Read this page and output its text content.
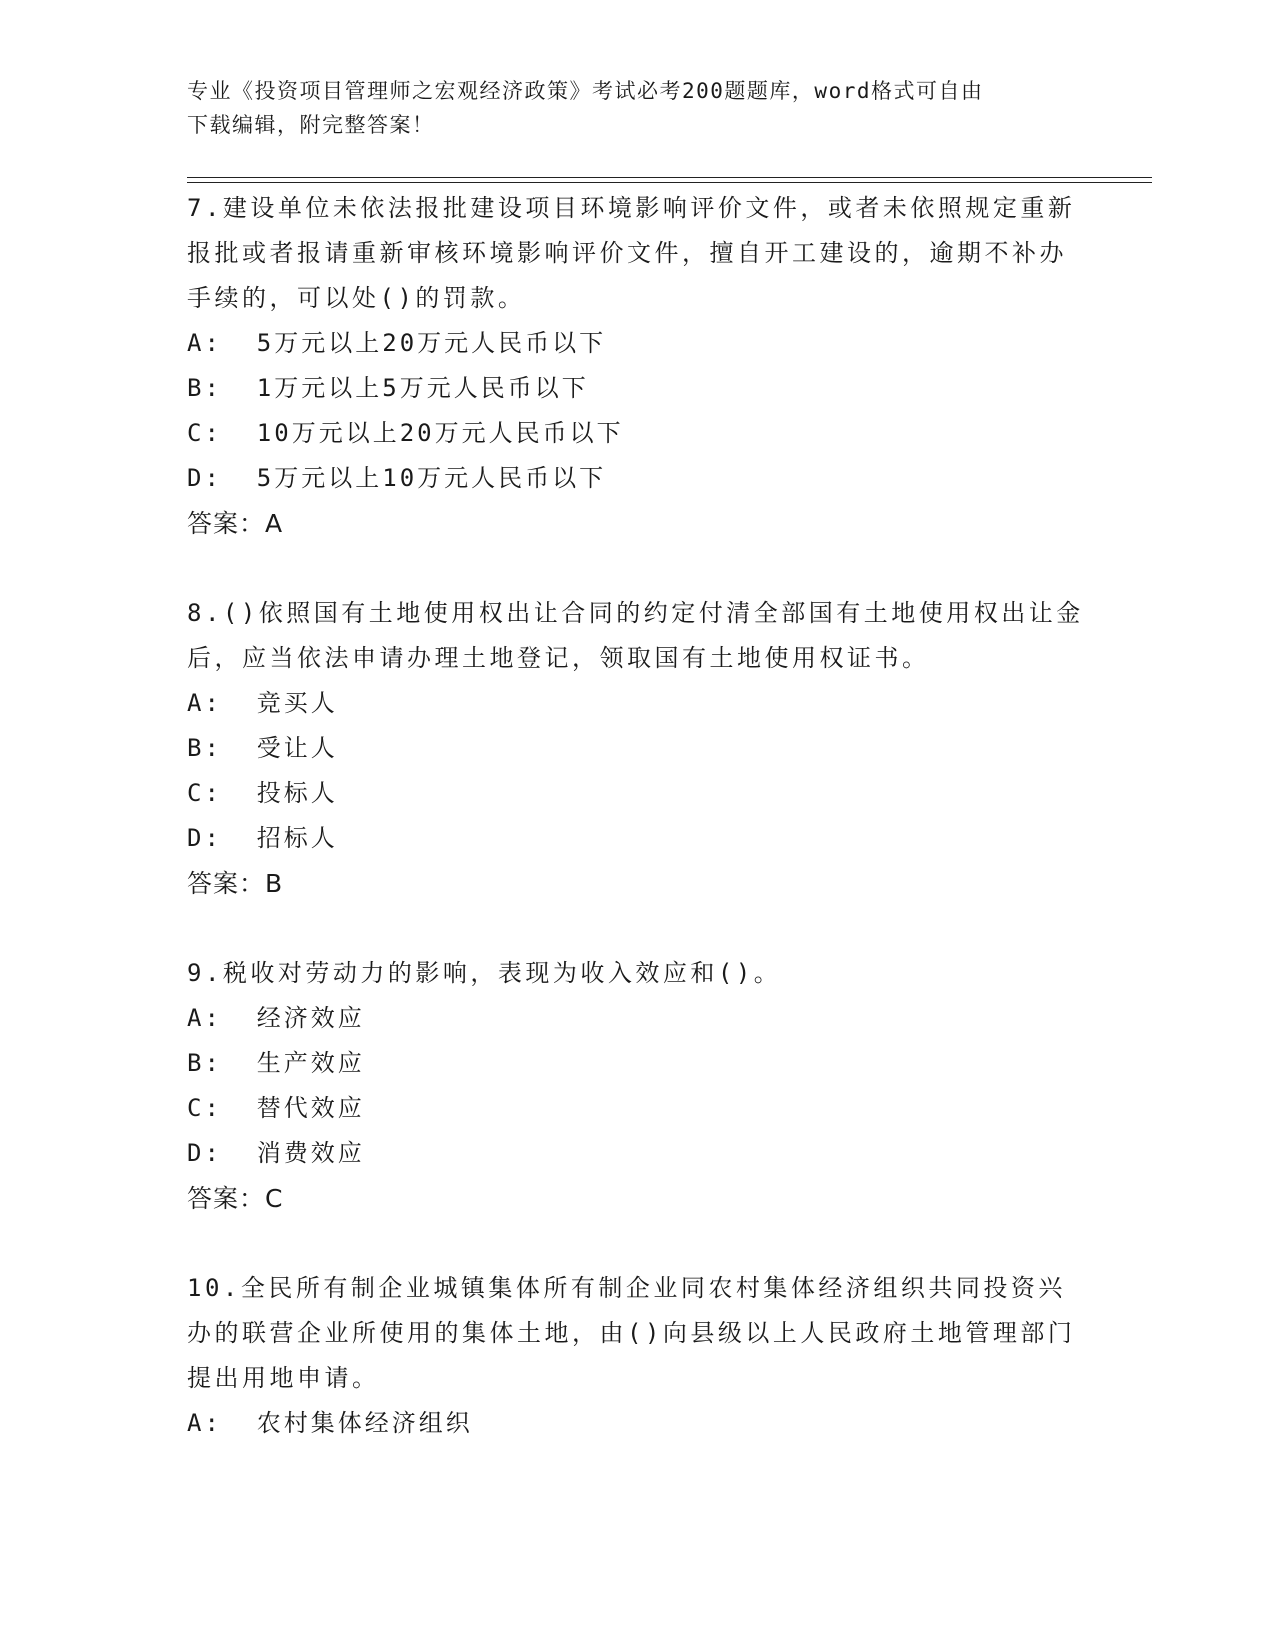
专业《投资项目管理师之宏观经济政策》考试必考200题题库，word格式可自由
下载编辑，附完整答案！
7.建设单位未依法报批建设项目环境影响评价文件，或者未依照规定重新报批或者报请重新审核环境影响评价文件，擅自开工建设的，逾期不补办手续的，可以处()的罚款。
A:  5万元以上20万元人民币以下
B:  1万元以上5万元人民币以下
C:  10万元以上20万元人民币以下
D:  5万元以上10万元人民币以下
答案：A
8.()依照国有土地使用权出让合同的约定付清全部国有土地使用权出让金后，应当依法申请办理土地登记，领取国有土地使用权证书。
A:  竞买人
B:  受让人
C:  投标人
D:  招标人
答案：B
9.税收对劳动力的影响，表现为收入效应和()。
A:  经济效应
B:  生产效应
C:  替代效应
D:  消费效应
答案：C
10.全民所有制企业城镇集体所有制企业同农村集体经济组织共同投资兴办的联营企业所使用的集体土地，由()向县级以上人民政府土地管理部门提出用地申请。
A:  农村集体经济组织
